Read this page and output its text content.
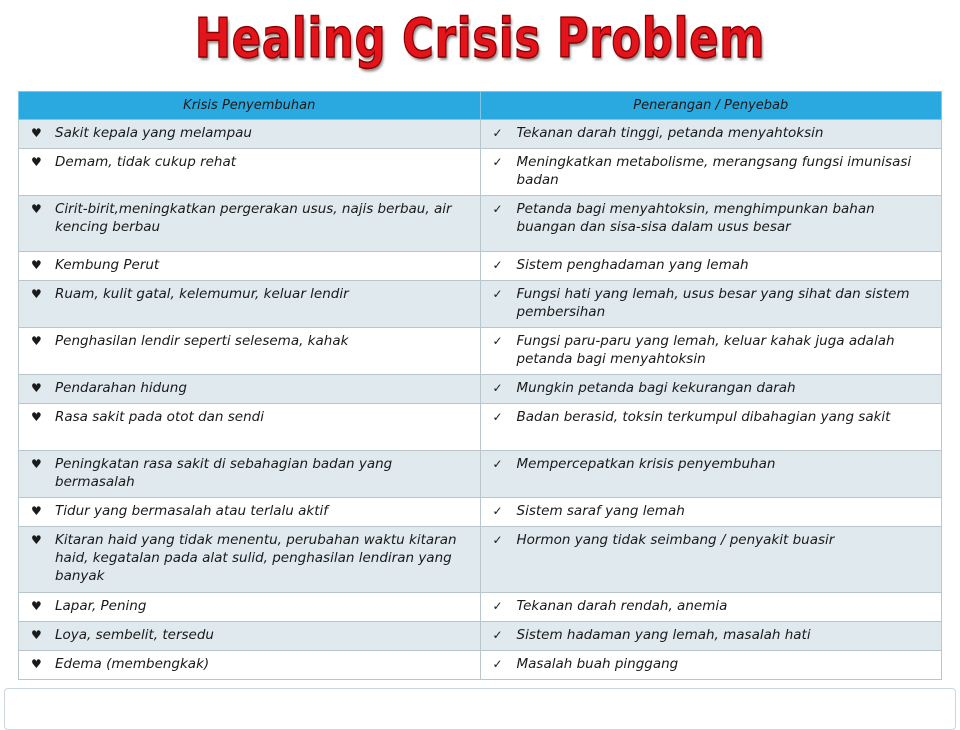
Healing Crisis Problem
Krisis Penyembuhan	Penerangan / Penyebab

♥ Sakit kepala yang melampau	✓ Tekanan darah tinggi, petanda menyahtoksin

♥ Demam, tidak cukup rehat	✓ Meningkatkan metabolisme, merangsang fungsi imunisasi badan

♥ Cirit-birit,meningkatkan pergerakan usus, najis berbau, air kencing berbau	✓ Petanda bagi menyahtoksin, menghimpunkan bahan buangan dan sisa-sisa dalam usus besar

♥ Kembung Perut	✓ Sistem penghadaman yang lemah

♥ Ruam, kulit gatal, kelemumur, keluar lendir	✓ Fungsi hati yang lemah, usus besar yang sihat dan sistem pembersihan

♥ Penghasilan lendir seperti selesema, kahak	✓ Fungsi paru-paru yang lemah, keluar kahak juga adalah petanda bagi menyahtoksin

♥ Pendarahan hidung	✓ Mungkin petanda bagi kekurangan darah

♥ Rasa sakit pada otot dan sendi	✓ Badan berasid, toksin terkumpul dibahagian yang sakit

♥ Peningkatan rasa sakit di sebahagian badan yang bermasalah	✓ Mempercepatkan krisis penyembuhan

♥ Tidur yang bermasalah atau terlalu aktif	✓ Sistem saraf yang lemah

♥ Kitaran haid yang tidak menentu, perubahan waktu kitaran haid, kegatalan pada alat sulid, penghasilan lendiran yang banyak	✓ Hormon yang tidak seimbang / penyakit buasir

♥ Lapar, Pening	✓ Tekanan darah rendah, anemia

♥ Loya, sembelit, tersedu	✓ Sistem hadaman yang lemah, masalah hati

♥ Edema (membengkak)	✓ Masalah buah pinggang
